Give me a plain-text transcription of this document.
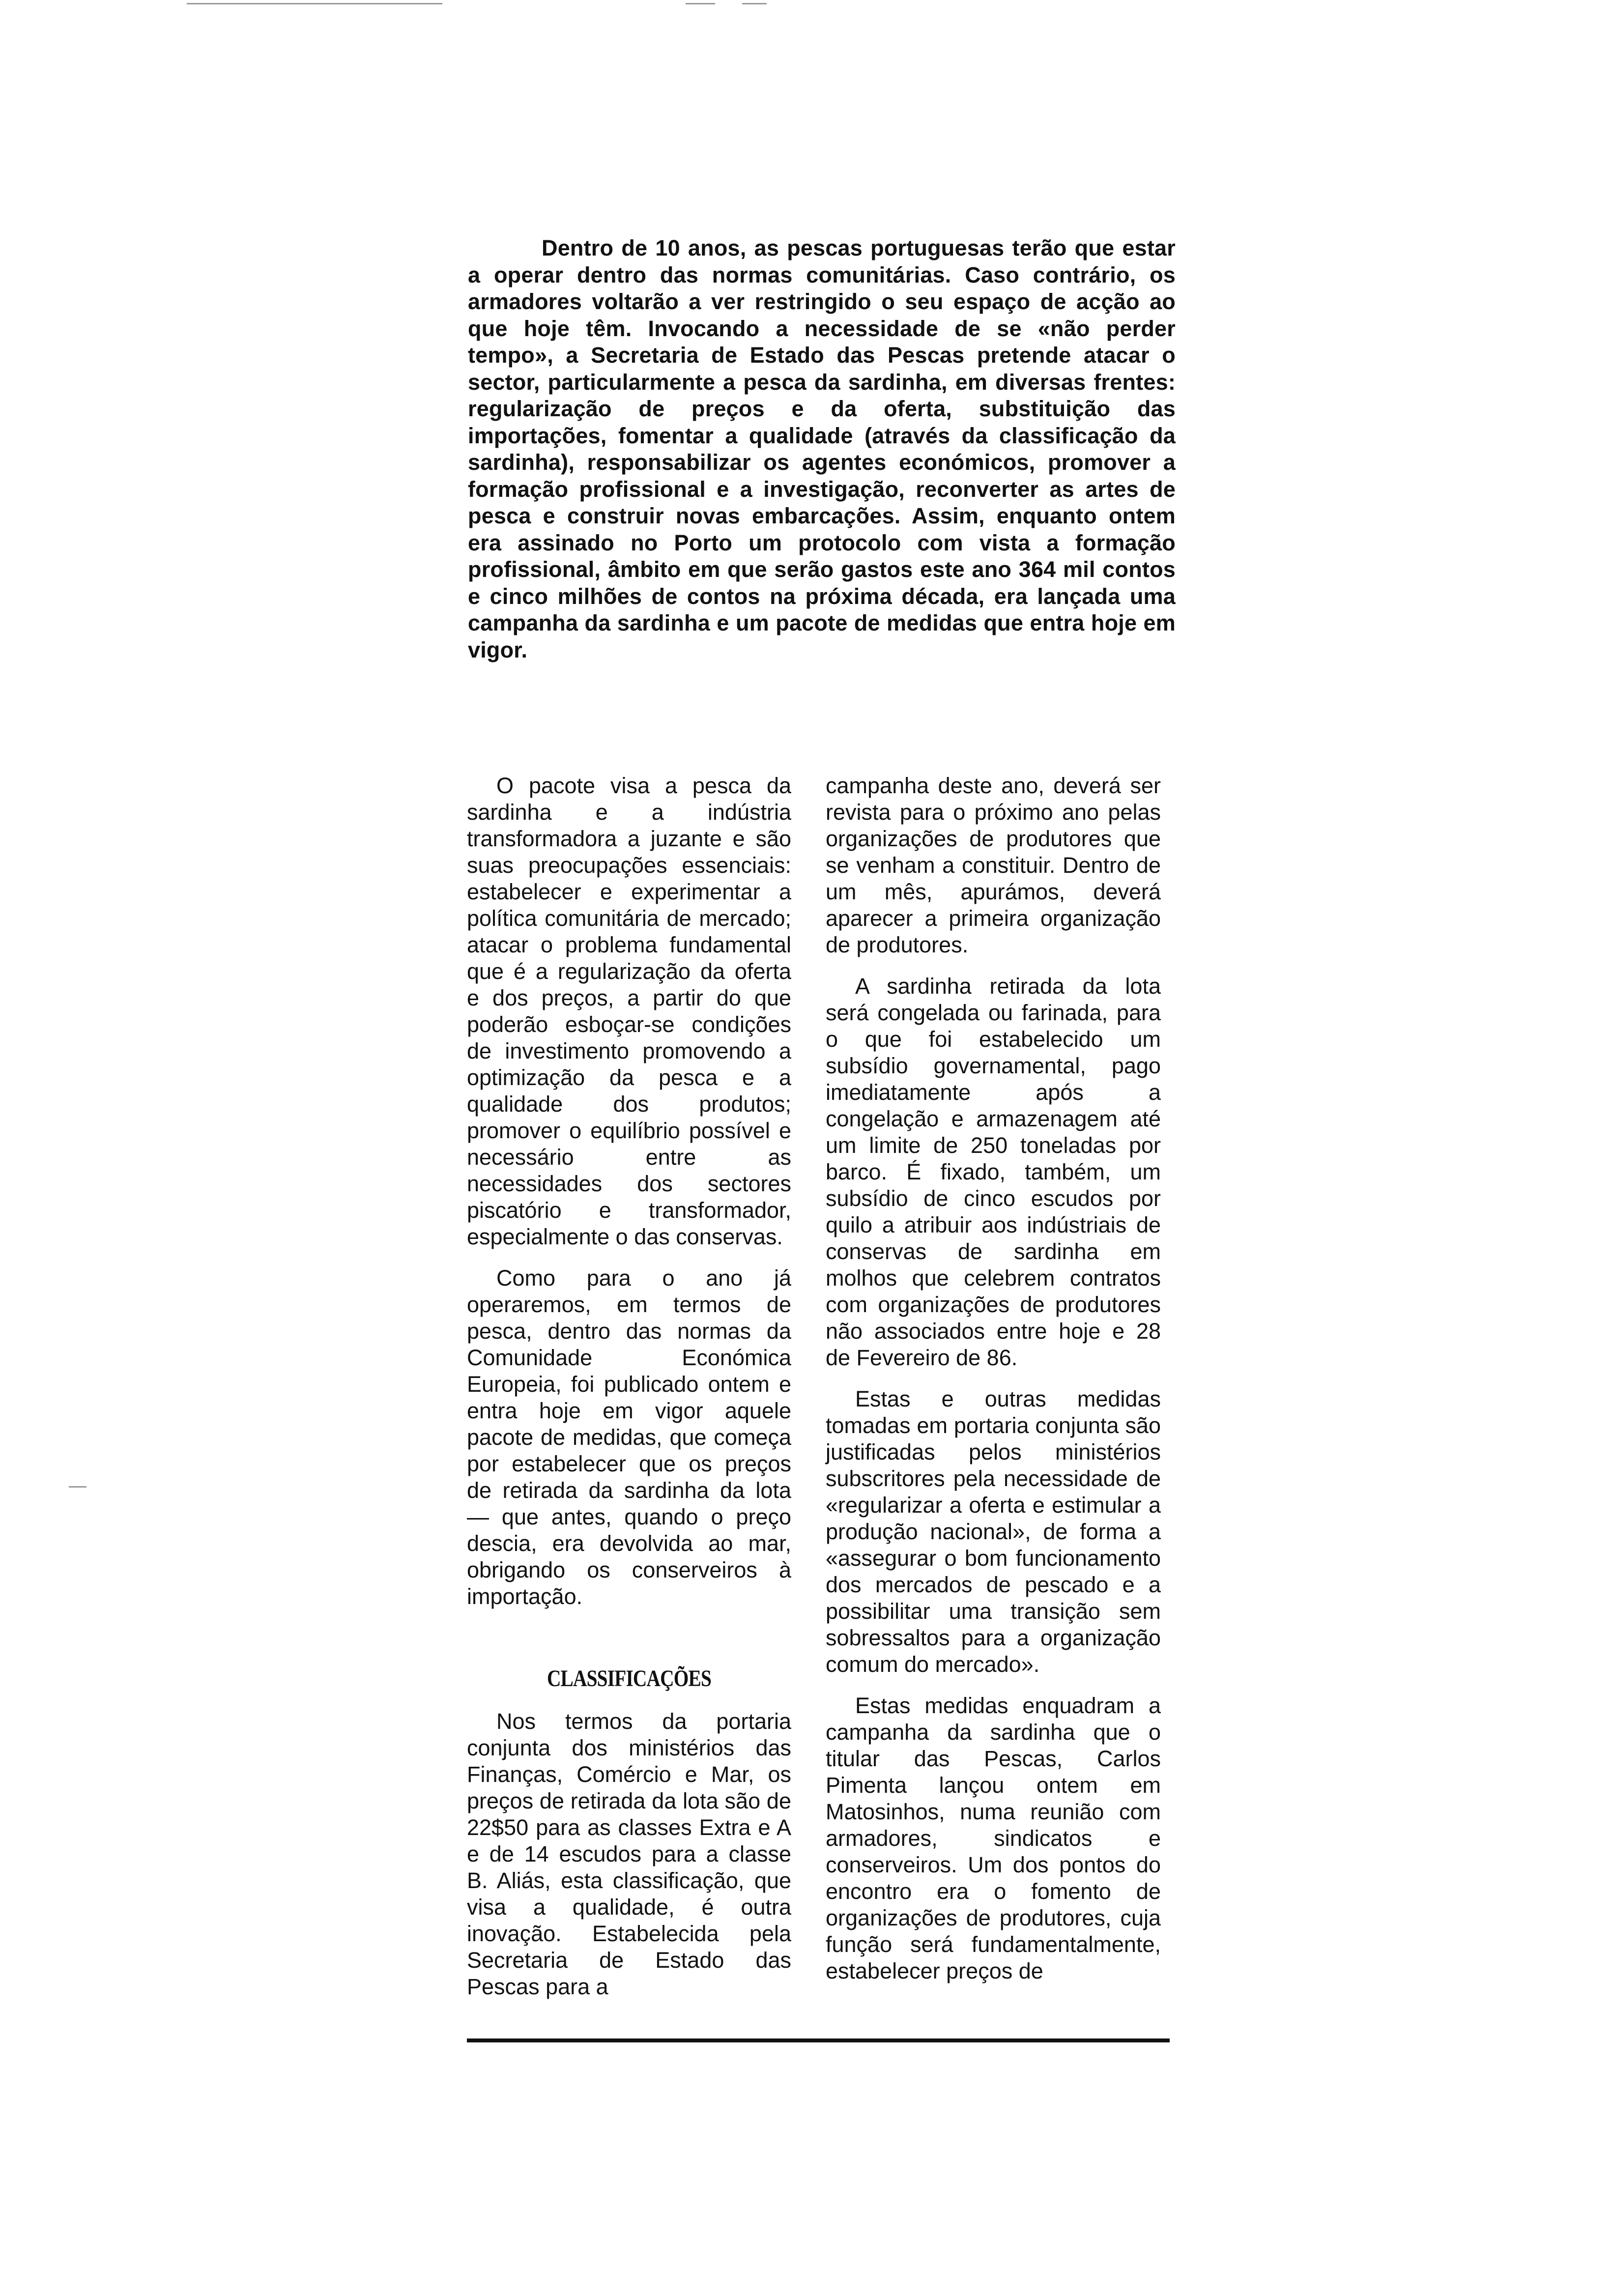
Dentro de 10 anos, as pescas portuguesas terão que estar a operar dentro das normas comunitárias. Caso contrário, os armadores voltarão a ver restringido o seu espaço de acção ao que hoje têm. Invocando a necessidade de se «não perder tempo», a Secretaria de Estado das Pescas pretende atacar o sector, particularmente a pesca da sardinha, em diversas frentes: regularização de preços e da oferta, substituição das importações, fomentar a qualidade (através da classificação da sardinha), responsabilizar os agentes económicos, promover a formação profissional e a investigação, reconverter as artes de pesca e construir novas embarcações. Assim, enquanto ontem era assinado no Porto um protocolo com vista a formação profissional, âmbito em que serão gastos este ano 364 mil contos e cinco milhões de contos na próxima década, era lançada uma campanha da sardinha e um pacote de medidas que entra hoje em vigor.

O pacote visa a pesca da sardinha e a indústria transformadora a juzante e são suas preocupações essenciais: estabelecer e experimentar a política comunitária de mercado; atacar o problema fundamental que é a regularização da oferta e dos preços, a partir do que poderão esboçar-se condições de investimento promovendo a optimização da pesca e a qualidade dos produtos; promover o equilíbrio possível e necessário entre as necessidades dos sectores piscatório e transformador, especialmente o das conservas.

Como para o ano já operaremos, em termos de pesca, dentro das normas da Comunidade Económica Europeia, foi publicado ontem e entra hoje em vigor aquele pacote de medidas, que começa por estabelecer que os preços de retirada da sardinha da lota — que antes, quando o preço descia, era devolvida ao mar, obrigando os conserveiros à importação.

CLASSIFICAÇÕES

Nos termos da portaria conjunta dos ministérios das Finanças, Comércio e Mar, os preços de retirada da lota são de 22$50 para as classes Extra e A e de 14 escudos para a classe B. Aliás, esta classificação, que visa a qualidade, é outra inovação. Estabelecida pela Secretaria de Estado das Pescas para a

campanha deste ano, deverá ser revista para o próximo ano pelas organizações de produtores que se venham a constituir. Dentro de um mês, apurámos, deverá aparecer a primeira organização de produtores.

A sardinha retirada da lota será congelada ou farinada, para o que foi estabelecido um subsídio governamental, pago imediatamente após a congelação e armazenagem até um limite de 250 toneladas por barco. É fixado, também, um subsídio de cinco escudos por quilo a atribuir aos indústriais de conservas de sardinha em molhos que celebrem contratos com organizações de produtores não associados entre hoje e 28 de Fevereiro de 86.

Estas e outras medidas tomadas em portaria conjunta são justificadas pelos ministérios subscritores pela necessidade de «regularizar a oferta e estimular a produção nacional», de forma a «assegurar o bom funcionamento dos mercados de pescado e a possibilitar uma transição sem sobressaltos para a organização comum do mercado».

Estas medidas enquadram a campanha da sardinha que o titular das Pescas, Carlos Pimenta lançou ontem em Matosinhos, numa reunião com armadores, sindicatos e conserveiros. Um dos pontos do encontro era o fomento de organizações de produtores, cuja função será fundamentalmente, estabelecer preços de
